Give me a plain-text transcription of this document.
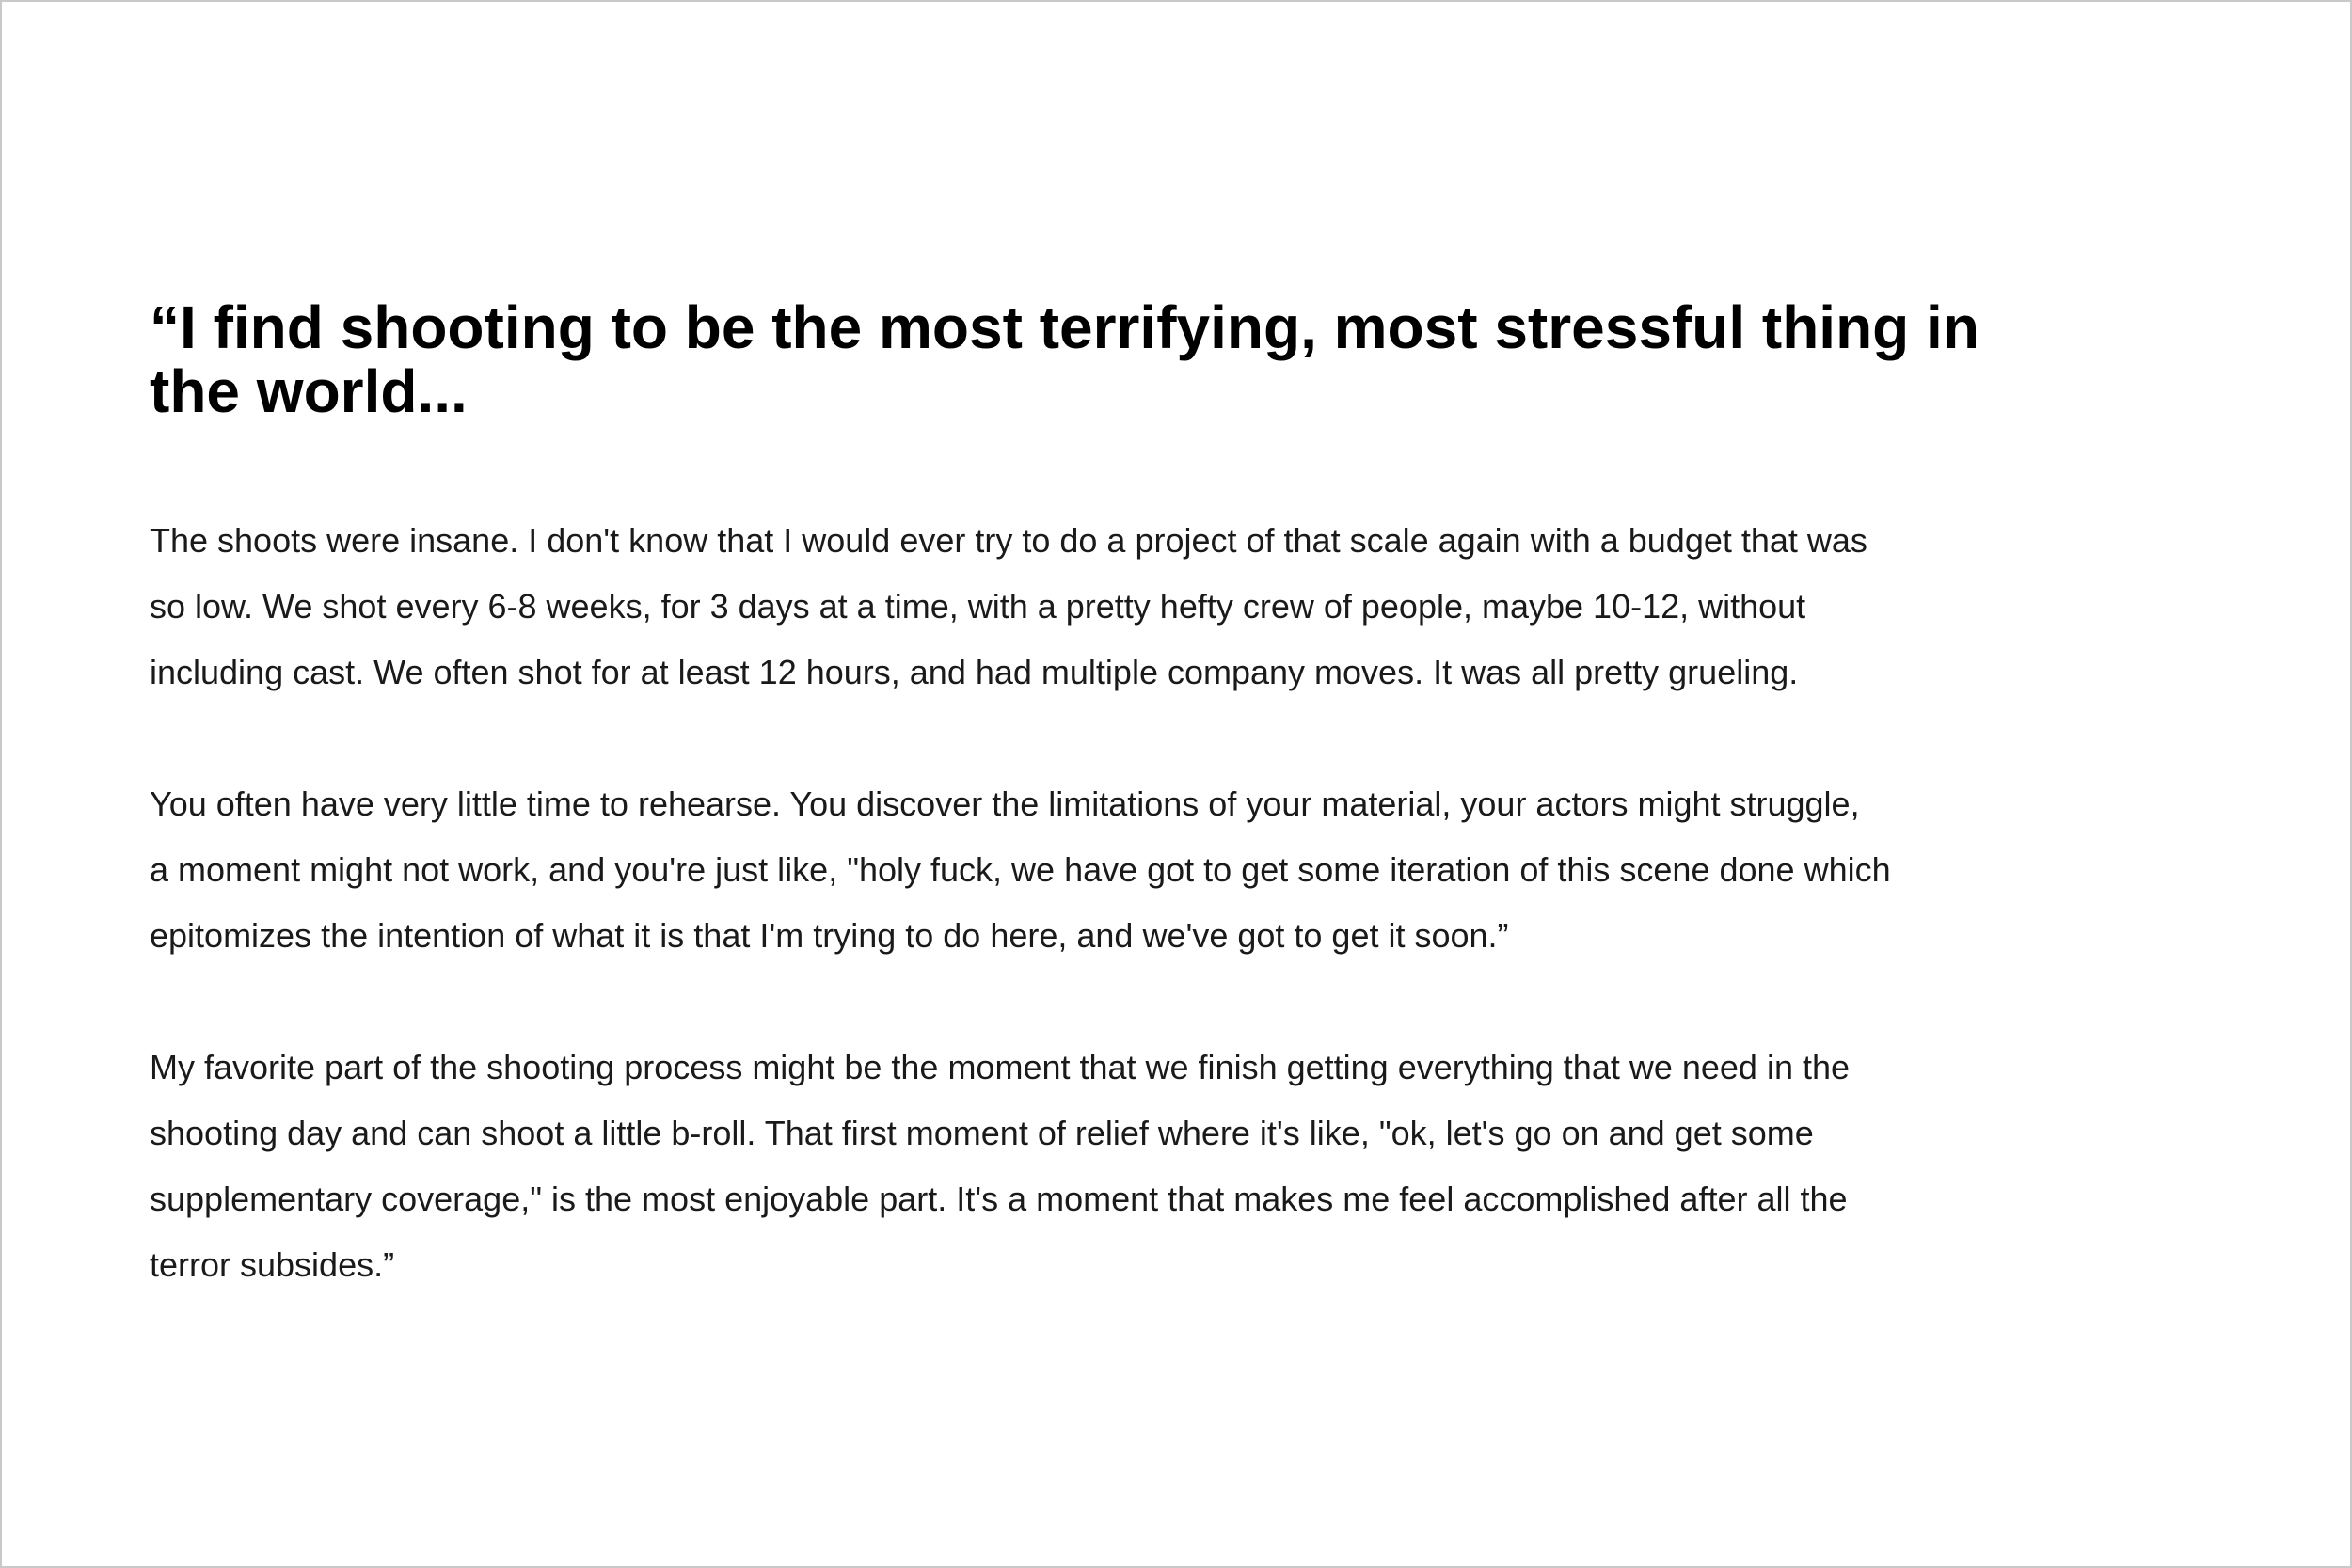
“I find shooting to be the most terrifying, most stressful thing in
the world...

The shoots were insane. I don't know that I would ever try to do a project of that scale again with a budget that was
so low. We shot every 6-8 weeks, for 3 days at a time, with a pretty hefty crew of people, maybe 10-12, without
including cast. We often shot for at least 12 hours, and had multiple company moves. It was all pretty grueling.

You often have very little time to rehearse. You discover the limitations of your material, your actors might struggle,
a moment might not work, and you're just like, "holy fuck, we have got to get some iteration of this scene done which
epitomizes the intention of what it is that I'm trying to do here, and we've got to get it soon.”

My favorite part of the shooting process might be the moment that we finish getting everything that we need in the
shooting day and can shoot a little b-roll. That first moment of relief where it's like, "ok, let's go on and get some
supplementary coverage," is the most enjoyable part. It's a moment that makes me feel accomplished after all the
terror subsides.”
